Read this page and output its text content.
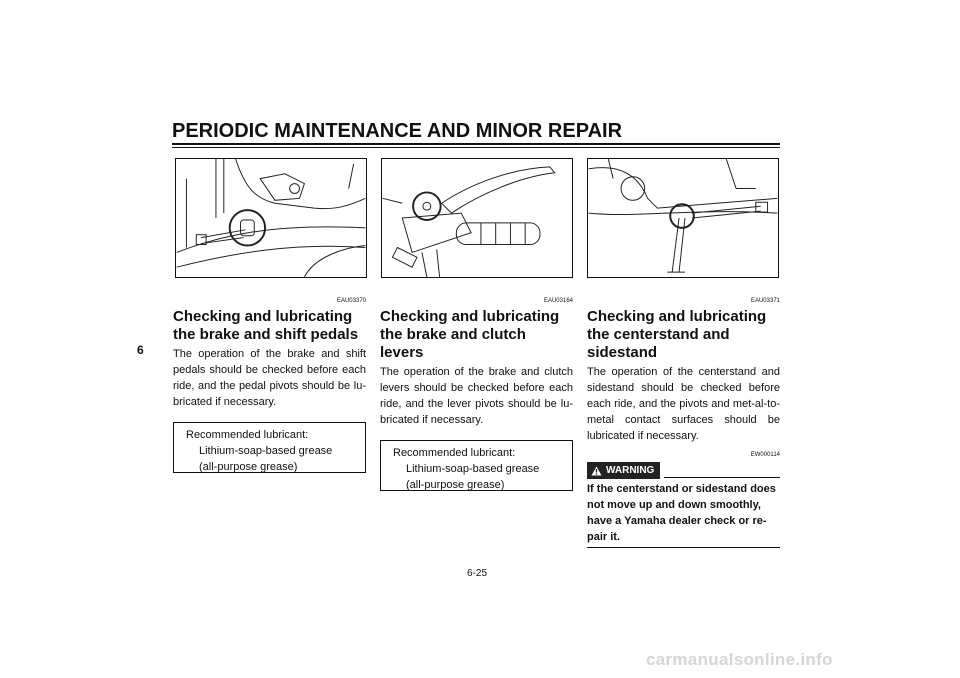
PERIODIC MAINTENANCE AND MINOR REPAIR
6
EAU03370
Checking and lubricating the brake and shift pedals
The operation of the brake and shift pedals should be checked before each ride, and the pedal pivots should be lu-bricated if necessary.
Recommended lubricant:
Lithium-soap-based grease
(all-purpose grease)
EAU03164
Checking and lubricating the brake and clutch levers
The operation of the brake and clutch levers should be checked before each ride, and the lever pivots should be lu-bricated if necessary.
Recommended lubricant:
Lithium-soap-based grease
(all-purpose grease)
EAU03371
Checking and lubricating the centerstand and sidestand
The operation of the centerstand and sidestand should be checked before each ride, and the pivots and met-al-to-metal contact surfaces should be lubricated if necessary.
EW000114
WARNING
If the centerstand or sidestand does not move up and down smoothly, have a Yamaha dealer check or re-pair it.
6-25
carmanualsonline.info
